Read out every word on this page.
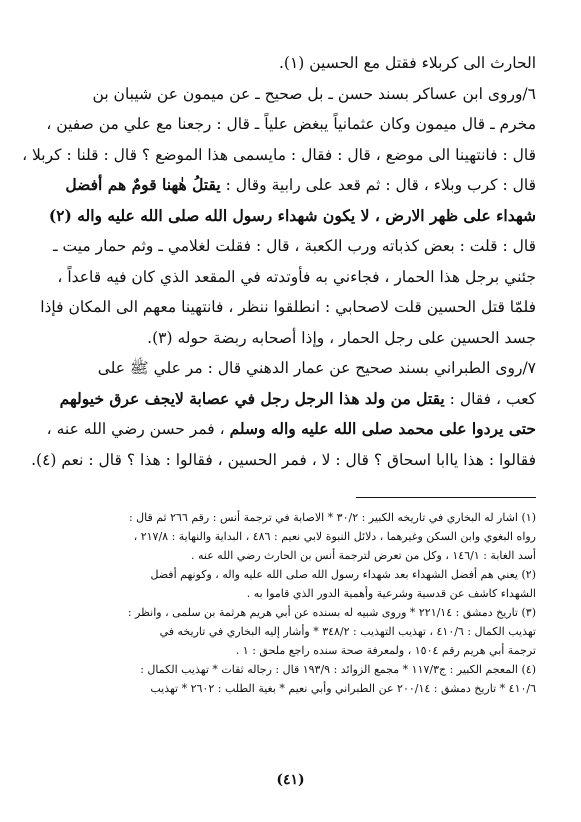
الحارث الى كربلاء فقتل مع الحسين (١).

٦/وروى ابن عساكر بسند حسن ـ بل صحيح ـ عن ميمون عن شيبان بن

مخرم ـ قال ميمون وكان عثمانياً يبغض علياً ـ قال : رجعنا مع علي من صفين ،

قال : فانتهينا الى موضع ، قال : فقال : مايسمى هذا الموضع ؟ قال : قلنا : كربلا ،

قال : كرب وبلاء ، قال : ثم قعد على رابية وقال : يقتلُ هٰهنا قومٌ هم أفضل

شهداء على ظهر الارض ، لا يكون شهداء رسول الله صلى الله عليه واله (٢)

قال : قلت : بعض كذباته ورب الكعبة ، قال : فقلت لغلامي ـ وثم حمار ميت ـ

جئني برجل هذا الحمار ، فجاءني به فأوتدته في المقعد الذي كان فيه قاعداً ،

فلمّا قتل الحسين قلت لاصحابي : انطلقوا ننظر ، فانتهينا معهم الى المكان فإذا

جسد الحسين على رجل الحمار ، وإذا أصحابه ربضة حوله (٣).

٧/روى الطبراني بسند صحيح عن عمار الدهني قال : مر علي ﷺ على

كعب ، فقال : يقتل من ولد هذا الرجل رجل في عصابة لايجف عرق خيولهم

حتى يردوا على محمد صلى الله عليه واله وسلم ، فمر حسن رضي الله عنه ،

فقالوا : هذا ياابا اسحاق ؟ قال : لا ، فمر الحسين ، فقالوا : هذا ؟ قال : نعم (٤).

(١) اشار له البخاري في تاريخه الكبير : ٣٠/٢ * الاصابة في ترجمة أنس : رقم ٢٦٦ ثم قال :

رواه البغوي وابن السكن وغيرهما ، دلائل النبوة لابي نعيم : ٤٨٦ ، البداية والنهاية : ٢١٧/٨ ،

أسد الغابة : ١٤٦/١ ، وكل من تعرض لترجمة أنس بن الحارث رضي الله عنه .

(٢) يعني هم أفضل الشهداء بعد شهداء رسول الله صلى الله عليه واله ، وكونهم أفضل

الشهداء كاشف عن قدسية وشرعية وأهمية الدور الذي قاموا به .

(٣) تاريخ دمشق : ٢٢١/١٤ * وروى شبيه له بسنده عن أبي هريم هرثمة بن سلمى ، وانظر :

تهذيب الكمال : ٤١٠/٦ ، تهذيب التهذيب : ٣٤٨/٢ * وأشار إليه البخاري في تاريخه في

ترجمة أبي هريم رقم ١٥٠٤ ، ولمعرفة صحة سنده راجع ملحق : ١ .

(٤) المعجم الكبير : ج١١٧/٣ * مجمع الزوائد : ١٩٣/٩ قال : رجاله ثقات * تهذيب الكمال :

٤١٠/٦ * تاريخ دمشق : ٢٠٠/١٤ عن الطبراني وأبي نعيم * بغية الطلب : ٢٦٠٢ * تهذيب

(٤١)
